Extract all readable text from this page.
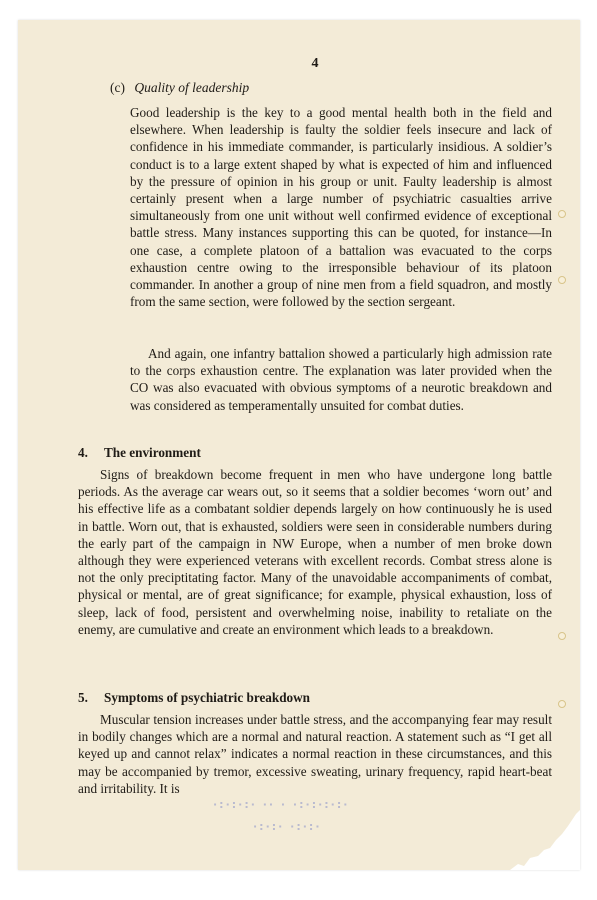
4
(c) Quality of leadership

Good leadership is the key to a good mental health both in the field and elsewhere. When leadership is faulty the soldier feels insecure and lack of confidence in his immediate commander, is particularly insidious. A soldier’s conduct is to a large extent shaped by what is expected of him and influenced by the pressure of opinion in his group or unit. Faulty leadership is almost certainly present when a large number of psychiatric casualties arrive simultaneously from one unit without well confirmed evidence of exceptional battle stress. Many instances supporting this can be quoted, for instance—In one case, a complete platoon of a battalion was evacuated to the corps exhaustion centre owing to the irresponsible behaviour of its platoon commander. In another a group of nine men from a field squadron, and mostly from the same section, were followed by the section sergeant.

And again, one infantry battalion showed a particularly high admission rate to the corps exhaustion centre. The explanation was later provided when the CO was also evacuated with obvious symptoms of a neurotic breakdown and was considered as temperamentally unsuited for combat duties.

4. The environment

Signs of breakdown become frequent in men who have undergone long battle periods. As the average car wears out, so it seems that a soldier becomes ‘worn out’ and his effective life as a combatant soldier depends largely on how continuously he is used in battle. Worn out, that is exhausted, soldiers were seen in considerable numbers during the early part of the campaign in NW Europe, when a number of men broke down although they were experienced veterans with excellent records. Combat stress alone is not the only preciptitating factor. Many of the unavoidable accompaniments of combat, physical or mental, are of great significance; for example, physical exhaustion, loss of sleep, lack of food, persistent and overwhelming noise, inability to retaliate on the enemy, are cumulative and create an environment which leads to a breakdown.

5. Symptoms of psychiatric breakdown

Muscular tension increases under battle stress, and the accompanying fear may result in bodily changes which are a normal and natural reaction. A statement such as “I get all keyed up and cannot relax” indicates a normal reaction in these circumstances, and this may be accompanied by tremor, excessive sweating, urinary frequency, rapid heart-beat and irritability. It is

·:·:·:· ·· · ·:·:·:·:·
·:·:· ·:·:·
